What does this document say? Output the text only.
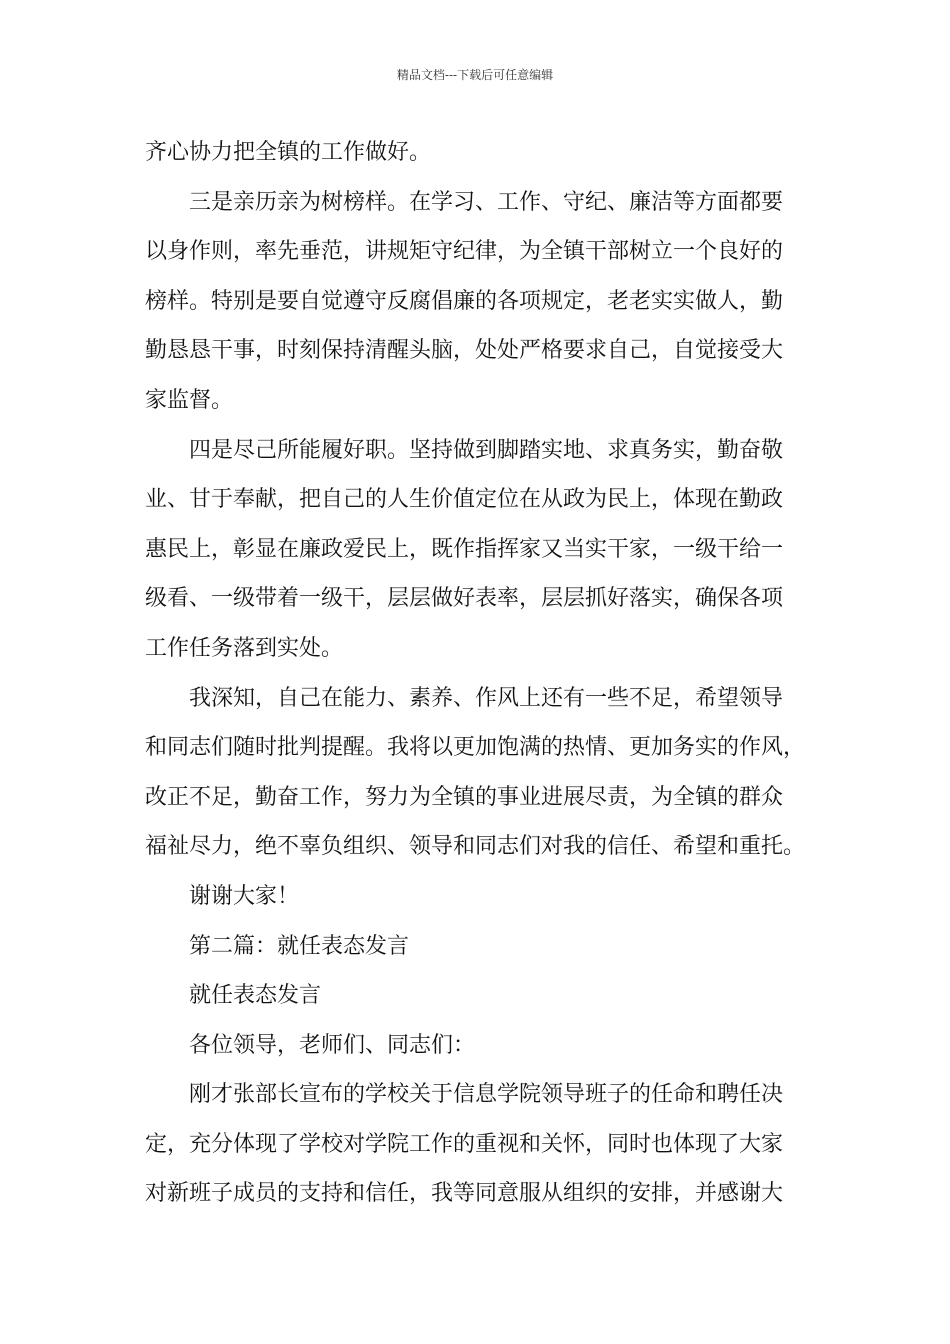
精品文档---下载后可任意编辑
齐心协力把全镇的工作做好。
三是亲历亲为树榜样。在学习、工作、守纪、廉洁等方面都要
以身作则，率先垂范，讲规矩守纪律，为全镇干部树立一个良好的
榜样。特别是要自觉遵守反腐倡廉的各项规定，老老实实做人，勤
勤恳恳干事，时刻保持清醒头脑，处处严格要求自己，自觉接受大
家监督。
四是尽己所能履好职。坚持做到脚踏实地、求真务实，勤奋敬
业、甘于奉献，把自己的人生价值定位在从政为民上，体现在勤政
惠民上，彰显在廉政爱民上，既作指挥家又当实干家，一级干给一
级看、一级带着一级干，层层做好表率，层层抓好落实，确保各项
工作任务落到实处。
我深知，自己在能力、素养、作风上还有一些不足，希望领导
和同志们随时批判提醒。我将以更加饱满的热情、更加务实的作风，
改正不足，勤奋工作，努力为全镇的事业进展尽责，为全镇的群众
福祉尽力，绝不辜负组织、领导和同志们对我的信任、希望和重托。
谢谢大家！
第二篇：就任表态发言
就任表态发言
各位领导，老师们、同志们：
刚才张部长宣布的学校关于信息学院领导班子的任命和聘任决
定，充分体现了学校对学院工作的重视和关怀，同时也体现了大家
对新班子成员的支持和信任，我等同意服从组织的安排，并感谢大
